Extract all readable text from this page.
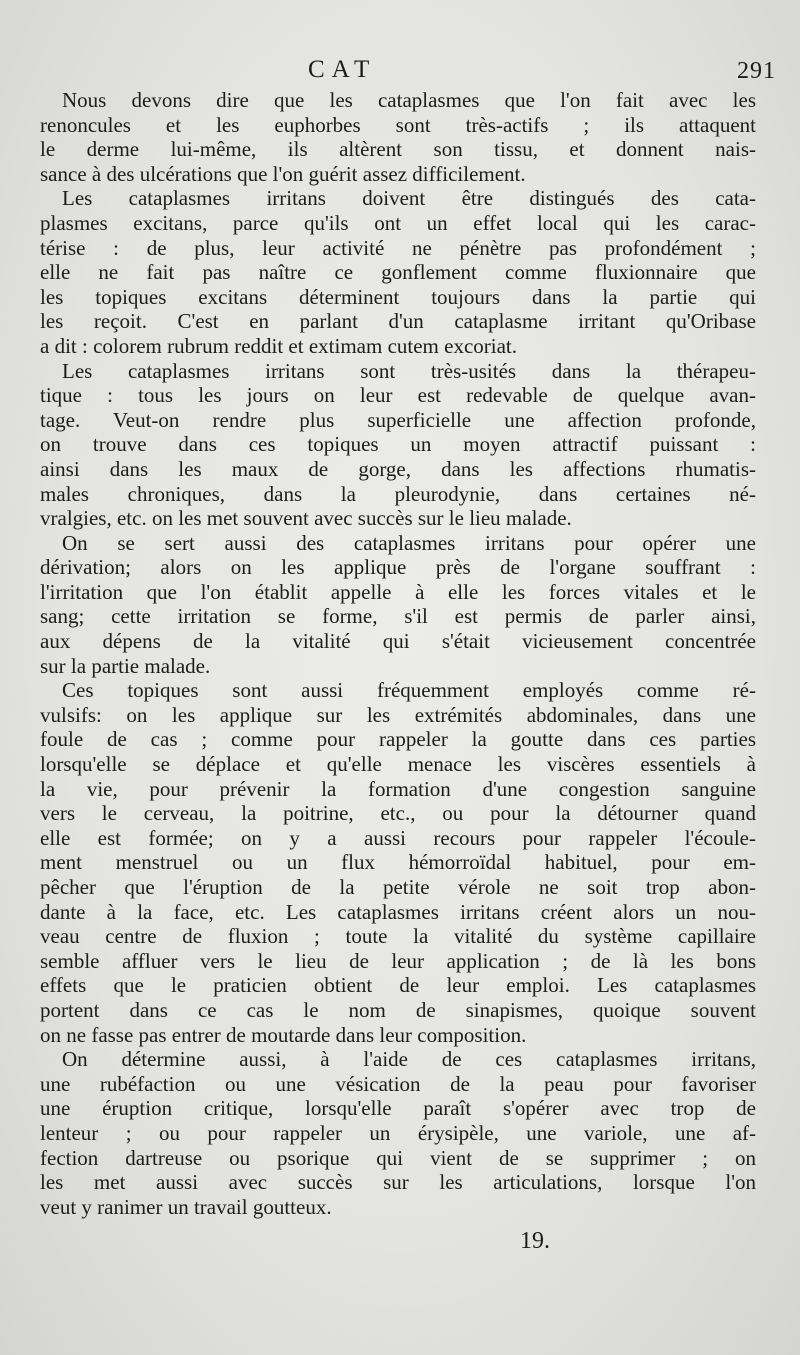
CAT	291
Nous devons dire que les cataplasmes que l'on fait avec les
renoncules et les euphorbes sont très-actifs ; ils attaquent
le derme lui-même, ils altèrent son tissu, et donnent nais-
sance à des ulcérations que l'on guérit assez difficilement.
Les cataplasmes irritans doivent être distingués des cata-
plasmes excitans, parce qu'ils ont un effet local qui les carac-
térise : de plus, leur activité ne pénètre pas profondément ;
elle ne fait pas naître ce gonflement comme fluxionnaire que
les topiques excitans déterminent toujours dans la partie qui
les reçoit. C'est en parlant d'un cataplasme irritant qu'Oribase
a dit : colorem rubrum reddit et extimam cutem excoriat.
Les cataplasmes irritans sont très-usités dans la thérapeu-
tique : tous les jours on leur est redevable de quelque avan-
tage. Veut-on rendre plus superficielle une affection profonde,
on trouve dans ces topiques un moyen attractif puissant :
ainsi dans les maux de gorge, dans les affections rhumatis-
males chroniques, dans la pleurodynie, dans certaines né-
vralgies, etc. on les met souvent avec succès sur le lieu malade.
On se sert aussi des cataplasmes irritans pour opérer une
dérivation; alors on les applique près de l'organe souffrant :
l'irritation que l'on établit appelle à elle les forces vitales et le
sang; cette irritation se forme, s'il est permis de parler ainsi,
aux dépens de la vitalité qui s'était vicieusement concentrée
sur la partie malade.
Ces topiques sont aussi fréquemment employés comme ré-
vulsifs: on les applique sur les extrémités abdominales, dans une
foule de cas ; comme pour rappeler la goutte dans ces parties
lorsqu'elle se déplace et qu'elle menace les viscères essentiels à
la vie, pour prévenir la formation d'une congestion sanguine
vers le cerveau, la poitrine, etc., ou pour la détourner quand
elle est formée; on y a aussi recours pour rappeler l'écoule-
ment menstruel ou un flux hémorroïdal habituel, pour em-
pêcher que l'éruption de la petite vérole ne soit trop abon-
dante à la face, etc. Les cataplasmes irritans créent alors un nou-
veau centre de fluxion ; toute la vitalité du système capillaire
semble affluer vers le lieu de leur application ; de là les bons
effets que le praticien obtient de leur emploi. Les cataplasmes
portent dans ce cas le nom de sinapismes, quoique souvent
on ne fasse pas entrer de moutarde dans leur composition.
On détermine aussi, à l'aide de ces cataplasmes irritans,
une rubéfaction ou une vésication de la peau pour favoriser
une éruption critique, lorsqu'elle paraît s'opérer avec trop de
lenteur ; ou pour rappeler un érysipèle, une variole, une af-
fection dartreuse ou psorique qui vient de se supprimer ; on
les met aussi avec succès sur les articulations, lorsque l'on
veut y ranimer un travail goutteux.
19.
